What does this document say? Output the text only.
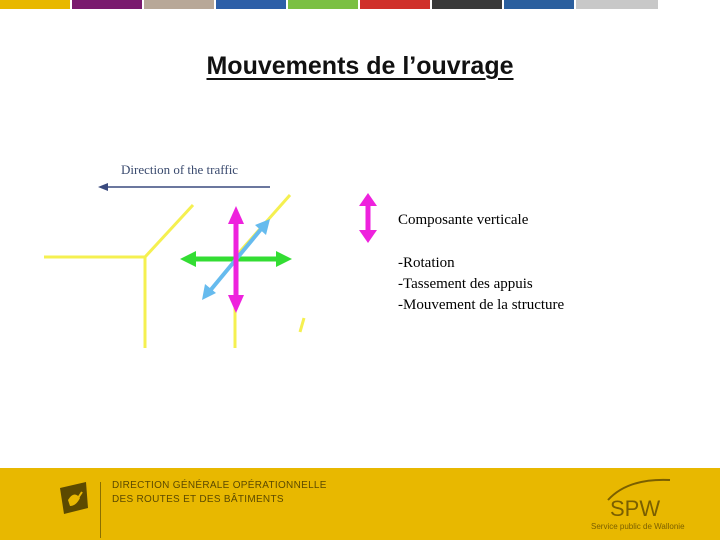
Mouvements de l’ouvrage
Direction of the traffic
Composante verticale
-Rotation
-Tassement des appuis
-Mouvement de la structure
DIRECTION GÉNÉRALE OPÉRATIONNELLE
DES ROUTES ET DES BÂTIMENTS	SPW
Service public de Wallonie
